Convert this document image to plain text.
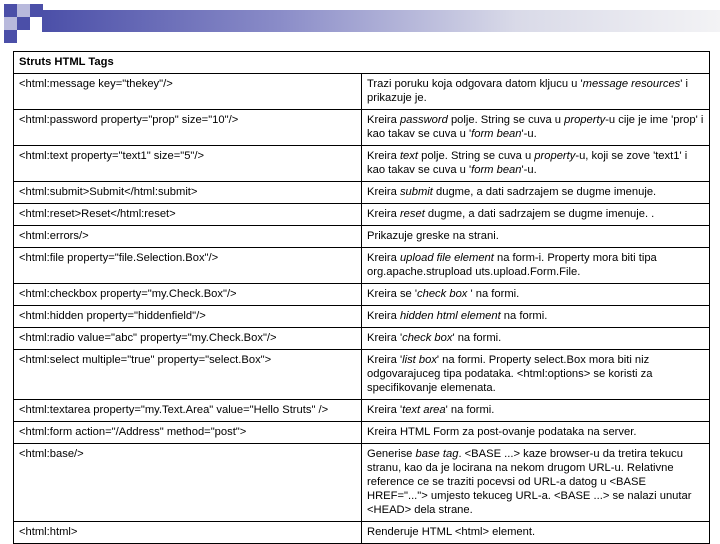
Struts HTML Tags	
<html:message key="thekey"/>	Trazi poruku koja odgovara datom kljucu u 'message resources' i prikazuje je.
<html:password property="prop" size="10"/>	Kreira password polje. String se cuva u property-u cije je ime 'prop' i kao takav se cuva u 'form bean'-u.
<html:text property="text1" size="5"/>	Kreira text polje. String se cuva u property-u, koji se zove 'text1' i kao takav se cuva u 'form bean'-u.
<html:submit>Submit</html:submit>	Kreira submit dugme, a dati sadrzajem se dugme imenuje.
<html:reset>Reset</html:reset>	Kreira reset dugme, a dati sadrzajem se dugme imenuje. .
<html:errors/>	Prikazuje greske na strani.
<html:file property="file.Selection.Box"/>	Kreira upload file element na form-i. Property mora biti tipa org.apache.strupload uts.upload.Form.File.
<html:checkbox property="my.Check.Box"/>	Kreira se 'check box ' na formi.
<html:hidden property="hiddenfield"/>	Kreira hidden html element na formi.
<html:radio value="abc" property="my.Check.Box"/>	Kreira 'check box' na formi.
<html:select multiple="true" property="select.Box">	Kreira 'list box' na formi. Property select.Box mora biti niz odgovarajuceg tipa podataka. <html:options> se koristi za specifikovanje elemenata.
<html:textarea property="my.Text.Area" value="Hello Struts" />	Kreira 'text area' na formi.
<html:form action="/Address" method="post">	Kreira HTML Form za post-ovanje podataka na server.
<html:base/>	Generise base tag. <BASE ...> kaze browser-u da tretira tekucu stranu, kao da je locirana na nekom drugom URL-u. Relativne reference ce se traziti pocevsi od URL-a datog u <BASE HREF="..."> umjesto tekuceg URL-a. <BASE ...> se nalazi unutar <HEAD> dela strane.
<html:html>	Renderuje HTML <html> element.
